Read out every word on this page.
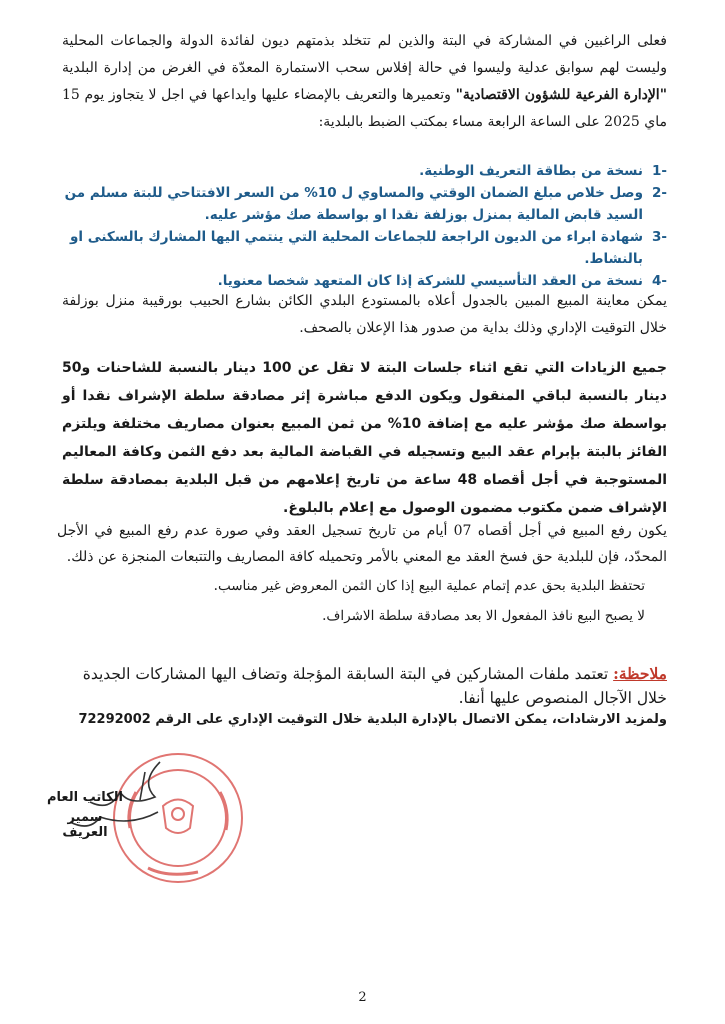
فعلى الراغبين في المشاركة في البتة والذين لم تتخلد بذمتهم ديون لفائدة الدولة والجماعات المحلية وليست لهم سوابق عدلية وليسوا في حالة إفلاس سحب الاستمارة المعدّة في الغرض من إدارة البلدية "الإدارة الفرعية للشؤون الاقتصادية" وتعميرها والتعريف بالإمضاء عليها وايداعها في اجل لا يتجاوز يوم 15 ماي 2025 على الساعة الرابعة مساء بمكتب الضبط بالبلدية:

-1
نسخة من بطاقة التعريف الوطنية.
-2
وصل خلاص مبلغ الضمان الوقتي والمساوي ل 10% من السعر الافتتاحي للبتة مسلم من السيد قابض المالية بمنزل بوزلفة نقدا او بواسطة صك مؤشر عليه.
-3
شهادة ابراء من الديون الراجعة للجماعات المحلية التي ينتمي اليها المشارك بالسكنى او بالنشاط.
-4
نسخة من العقد التأسيسي للشركة إذا كان المتعهد شخصا معنويا.

يمكن معاينة المبيع المبين بالجدول أعلاه بالمستودع البلدي الكائن بشارع الحبيب بورقيبة منزل بوزلفة خلال التوقيت الإداري وذلك بداية من صدور هذا الإعلان بالصحف.

جميع الزيادات التي تقع اثناء جلسات البتة لا تقل عن 100 دينار بالنسبة للشاحنات و50 دينار بالنسبة لباقي المنقول ويكون الدفع مباشرة إثر مصادقة سلطة الإشراف نقدا أو بواسطة صك مؤشر عليه مع إضافة 10% من ثمن المبيع بعنوان مصاريف مختلفة ويلتزم الفائز بالبتة بإبرام عقد البيع وتسجيله في القباضة المالية بعد دفع الثمن وكافة المعاليم المستوجبة في أجل أقصاه 48 ساعة من تاريخ إعلامهم من قبل البلدية بمصادقة سلطة الإشراف ضمن مكتوب مضمون الوصول مع إعلام بالبلوغ.

يكون رفع المبيع في أجل أقصاه 07 أيام من تاريخ تسجيل العقد وفي صورة عدم رفع المبيع في الأجل المحدّد، فإن للبلدية حق فسخ العقد مع المعني بالأمر وتحميله كافة المصاريف والتتبعات المنجزة عن ذلك.

تحتفظ البلدية بحق عدم إتمام عملية البيع إذا كان الثمن المعروض غير مناسب.

لا يصبح البيع نافذ المفعول الا بعد مصادقة سلطة الاشراف.

ملاحظة: تعتمد ملفات المشاركين في البتة السابقة المؤجلة وتضاف اليها المشاركات الجديدة خلال الآجال المنصوص عليها أنفا.

ولمزيد الارشادات، يمكن الاتصال بالإدارة البلدية خلال التوقيت الإداري على الرقم 72292002

الكاتب العام

سمير العريف

2
